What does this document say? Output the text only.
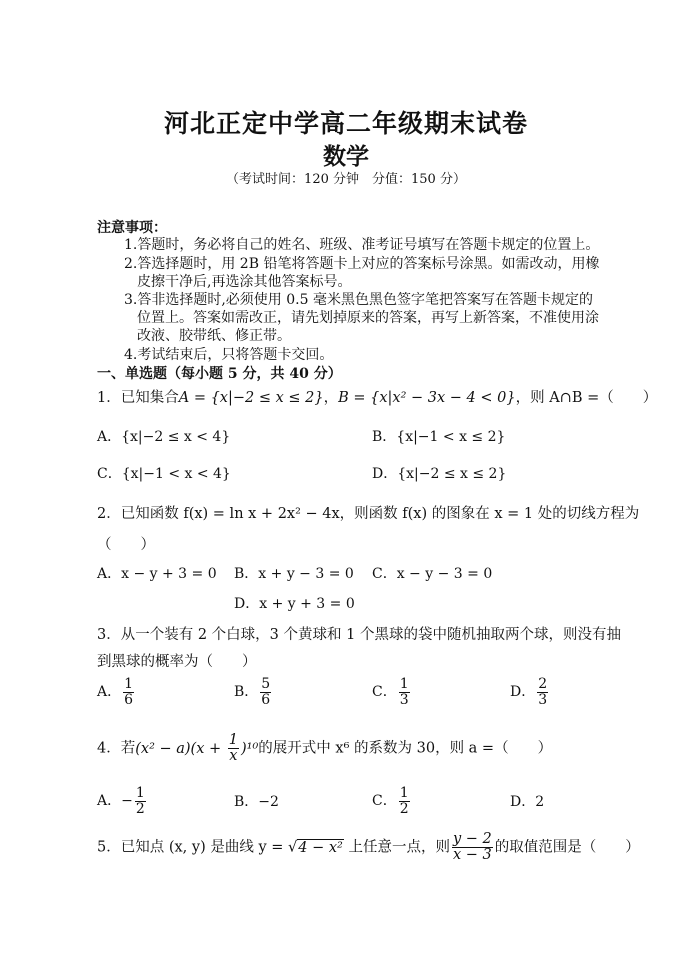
河北正定中学高二年级期末试卷
数学
（考试时间：120 分钟　分值：150 分）
注意事项：
1.答题时，务必将自己的姓名、班级、准考证号填写在答题卡规定的位置上。
2.答选择题时，用 2B 铅笔将答题卡上对应的答案标号涂黑。如需改动，用橡
皮擦干净后,再选涂其他答案标号。
3.答非选择题时,必须使用 0.5 毫米黑色黑色签字笔把答案写在答题卡规定的
位置上。答案如需改正，请先划掉原来的答案，再写上新答案，不准使用涂
改液、胶带纸、修正带。
4.考试结束后，只将答题卡交回。
一、单选题（每小题 5 分，共 40 分）
1．已知集合A = {x|−2 ≤ x ≤ 2}，B = {x|x² − 3x − 4 < 0}，则 A∩B =（　　）
A．{x|−2 ≤ x < 4}	B．{x|−1 < x ≤ 2}
C．{x|−1 < x < 4}	D．{x|−2 ≤ x ≤ 2}
2．已知函数 f(x) = ln x + 2x² − 4x，则函数 f(x) 的图象在 x = 1 处的切线方程为
（　　）
A．x − y + 3 = 0 B．x + y − 3 = 0 C．x − y − 3 = 0
D．x + y + 3 = 0
3．从一个装有 2 个白球，3 个黄球和 1 个黑球的袋中随机抽取两个球，则没有抽
到黑球的概率为（　　）
A． $\frac{1}{6}$	B． $\frac{5}{6}$	C． $\frac{1}{3}$	D． $\frac{2}{3}$
4．若$(x^2 - a)(x + \frac{1}{x} )^{10}$的展开式中 x⁶ 的系数为 30，则 a =（　　）
A．− $\frac{1}{2}$	B．−2	C． $\frac{1}{2}$	D．2
5．已知点 (x, y) 是曲线 y = √4 − x² 上任意一点，则 $\frac{y - 2}{x - 3}$ 的取值范围是（　　）
